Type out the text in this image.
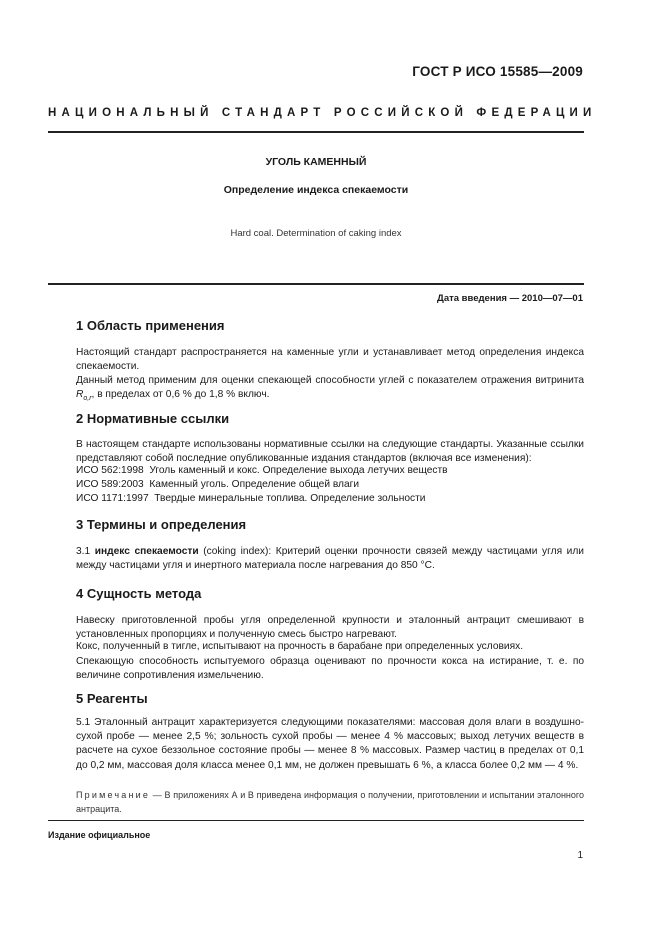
ГОСТ Р ИСО 15585—2009
НАЦИОНАЛЬНЫЙ СТАНДАРТ РОССИЙСКОЙ ФЕДЕРАЦИИ
УГОЛЬ КАМЕННЫЙ
Определение индекса спекаемости
Hard coal. Determination of caking index
Дата введения — 2010—07—01
1 Область применения
Настоящий стандарт распространяется на каменные угли и устанавливает метод определения индекса спекаемости.
Данный метод применим для оценки спекающей способности углей с показателем отражения витринита $R_{o,r}$, в пределах от 0,6 % до 1,8 % включ.
2 Нормативные ссылки
В настоящем стандарте использованы нормативные ссылки на следующие стандарты. Указанные ссылки представляют собой последние опубликованные издания стандартов (включая все изменения):
ИСО 562:1998  Уголь каменный и кокс. Определение выхода летучих веществ
ИСО 589:2003  Каменный уголь. Определение общей влаги
ИСО 1171:1997  Твердые минеральные топлива. Определение зольности
3 Термины и определения
3.1 индекс спекаемости (coking index): Критерий оценки прочности связей между частицами угля или между частицами угля и инертного материала после нагревания до 850 °С.
4 Сущность метода
Навеску приготовленной пробы угля определенной крупности и эталонный антрацит смешивают в установленных пропорциях и полученную смесь быстро нагревают.
Кокс, полученный в тигле, испытывают на прочность в барабане при определенных условиях.
Спекающую способность испытуемого образца оценивают по прочности кокса на истирание, т. е. по величине сопротивления измельчению.
5 Реагенты
5.1 Эталонный антрацит характеризуется следующими показателями: массовая доля влаги в воздушно-сухой пробе — менее 2,5 %; зольность сухой пробы — менее 4 % массовых; выход летучих веществ в расчете на сухое беззольное состояние пробы — менее 8 % массовых. Размер частиц в пределах от 0,1 до 0,2 мм, массовая доля класса менее 0,1 мм, не должен превышать 6 %, а класса более 0,2 мм — 4 %.
Примечание — В приложениях А и В приведена информация о получении, приготовлении и испытании эталонного антрацита.
Издание официальное
1
